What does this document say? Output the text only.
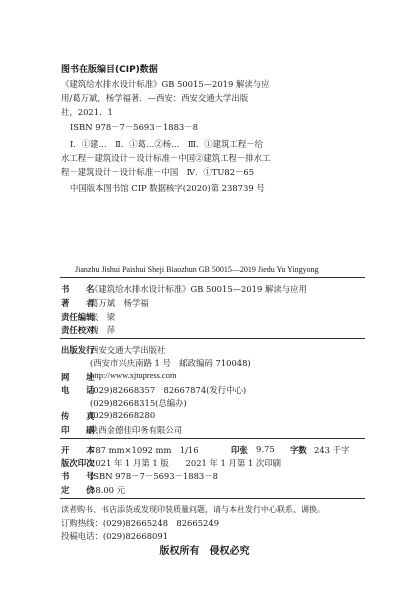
图书在版编目(CIP)数据
《建筑给水排水设计标准》GB 50015—2019 解读与应
用/葛万斌，杨学福著．—西安：西安交通大学出版
社，2021．1
ISBN 978－7－5693－1883－8
Ⅰ．①建…　Ⅱ．①葛…②杨…　Ⅲ．①建筑工程－给
水工程－建筑设计－设计标准－中国②建筑工程－排水工
程－建筑设计－设计标准－中国　Ⅳ．①TU82－65
中国版本图书馆 CIP 数据核字(2020)第 238739 号
Jianzhu Jishui Paishui Sheji Biaozhun GB 50015—2019 Jiedu Yu Yingyong
书　　名
《建筑给水排水设计标准》GB 50015—2019 解读与应用
著　　者
葛万斌　杨学福
责任编辑
张　梁
责任校对
魏　萍
出版发行
西安交通大学出版社
(西安市兴庆南路 1 号　邮政编码 710048)
网　　址
http://www.xjtupress.com
电　　话
(029)82668357　82667874(发行中心)
(029)82668315(总编办)
传　　真
(029)82668280
印　　刷
陕西金德佳印务有限公司
开　　本
787 mm×1092 mm　1/16	印张 9.75 字数 243 千字
版次印次
2021 年 1 月第 1 版　　2021 年 1 月第 1 次印刷
书　　号
ISBN 978－7－5693－1883－8
定　　价
58.00 元
读者购书、书店添货或发现印装质量问题，请与本社发行中心联系、调换。
订购热线：(029)82665248　82665249
投稿电话：(029)82668091
版权所有　侵权必究
